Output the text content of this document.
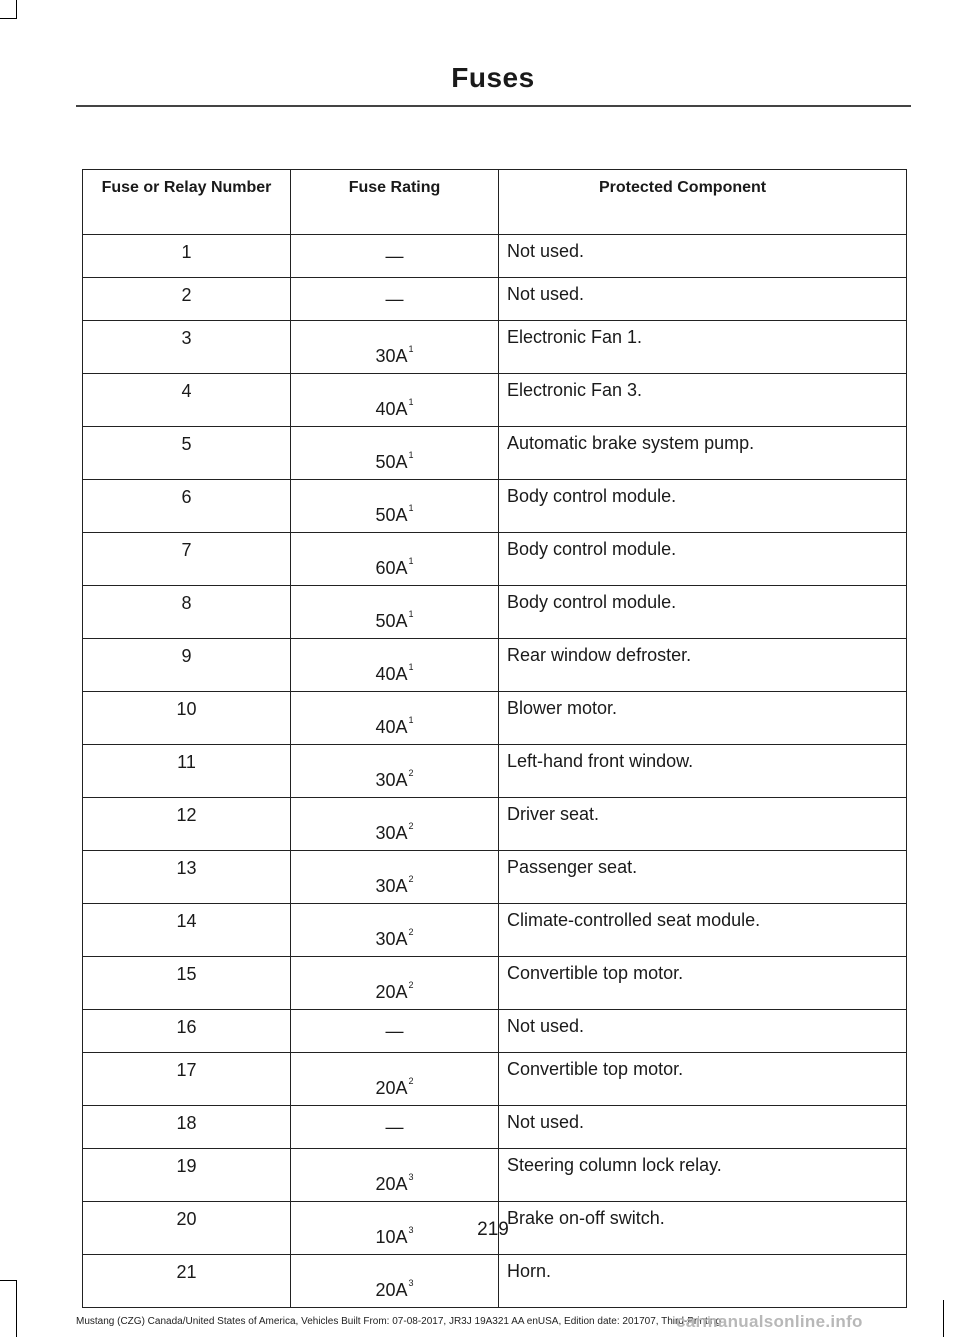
Fuses
Fuse or Relay Number	Fuse Rating	Protected Component
1	—	Not used.
2	—	Not used.
3	$30A^1$	Electronic Fan 1.
4	$40A^1$	Electronic Fan 3.
5	$50A^1$	Automatic brake system pump.
6	$50A^1$	Body control module.
7	$60A^1$	Body control module.
8	$50A^1$	Body control module.
9	$40A^1$	Rear window defroster.
10	$40A^1$	Blower motor.
11	$30A^2$	Left-hand front window.
12	$30A^2$	Driver seat.
13	$30A^2$	Passenger seat.
14	$30A^2$	Climate-controlled seat module.
15	$20A^2$	Convertible top motor.
16	—	Not used.
17	$20A^2$	Convertible top motor.
18	—	Not used.
19	$20A^3$	Steering column lock relay.
20	$10A^3$	Brake on-off switch.
21	$20A^3$	Horn.
219
Mustang (CZG) Canada/United States of America, Vehicles Built From: 07-08-2017, JR3J 19A321 AA enUSA, Edition date: 201707, Third-Printing
carmanualsonline.info
